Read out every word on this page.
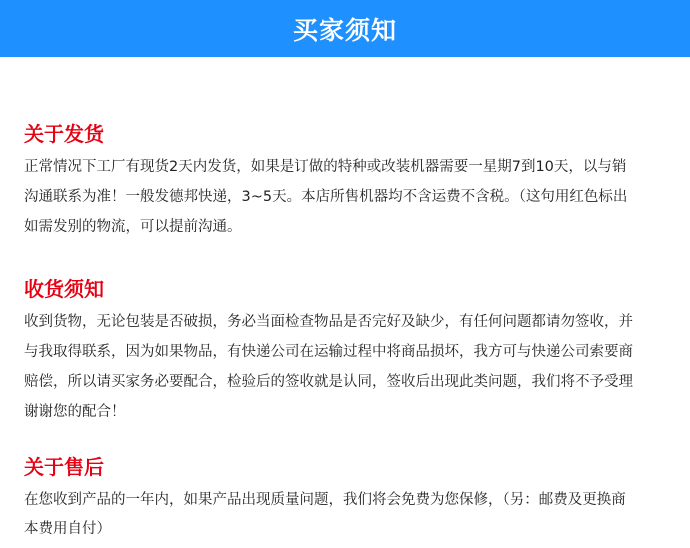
买家须知
关于发货
正常情况下工厂有现货2天内发货，如果是订做的特种或改装机器需要一星期7到10天，以与销
沟通联系为准！一般发德邦快递，3~5天。本店所售机器均不含运费不含税。（这句用红色标出
如需发别的物流，可以提前沟通。
收货须知
收到货物，无论包装是否破损，务必当面检查物品是否完好及缺少，有任何问题都请勿签收，并
与我取得联系，因为如果物品，有快递公司在运输过程中将商品损坏，我方可与快递公司索要商
赔偿，所以请买家务必要配合，检验后的签收就是认同，签收后出现此类问题，我们将不予受理
谢谢您的配合！
关于售后
在您收到产品的一年内，如果产品出现质量问题，我们将会免费为您保修，（另：邮费及更换商
本费用自付）
